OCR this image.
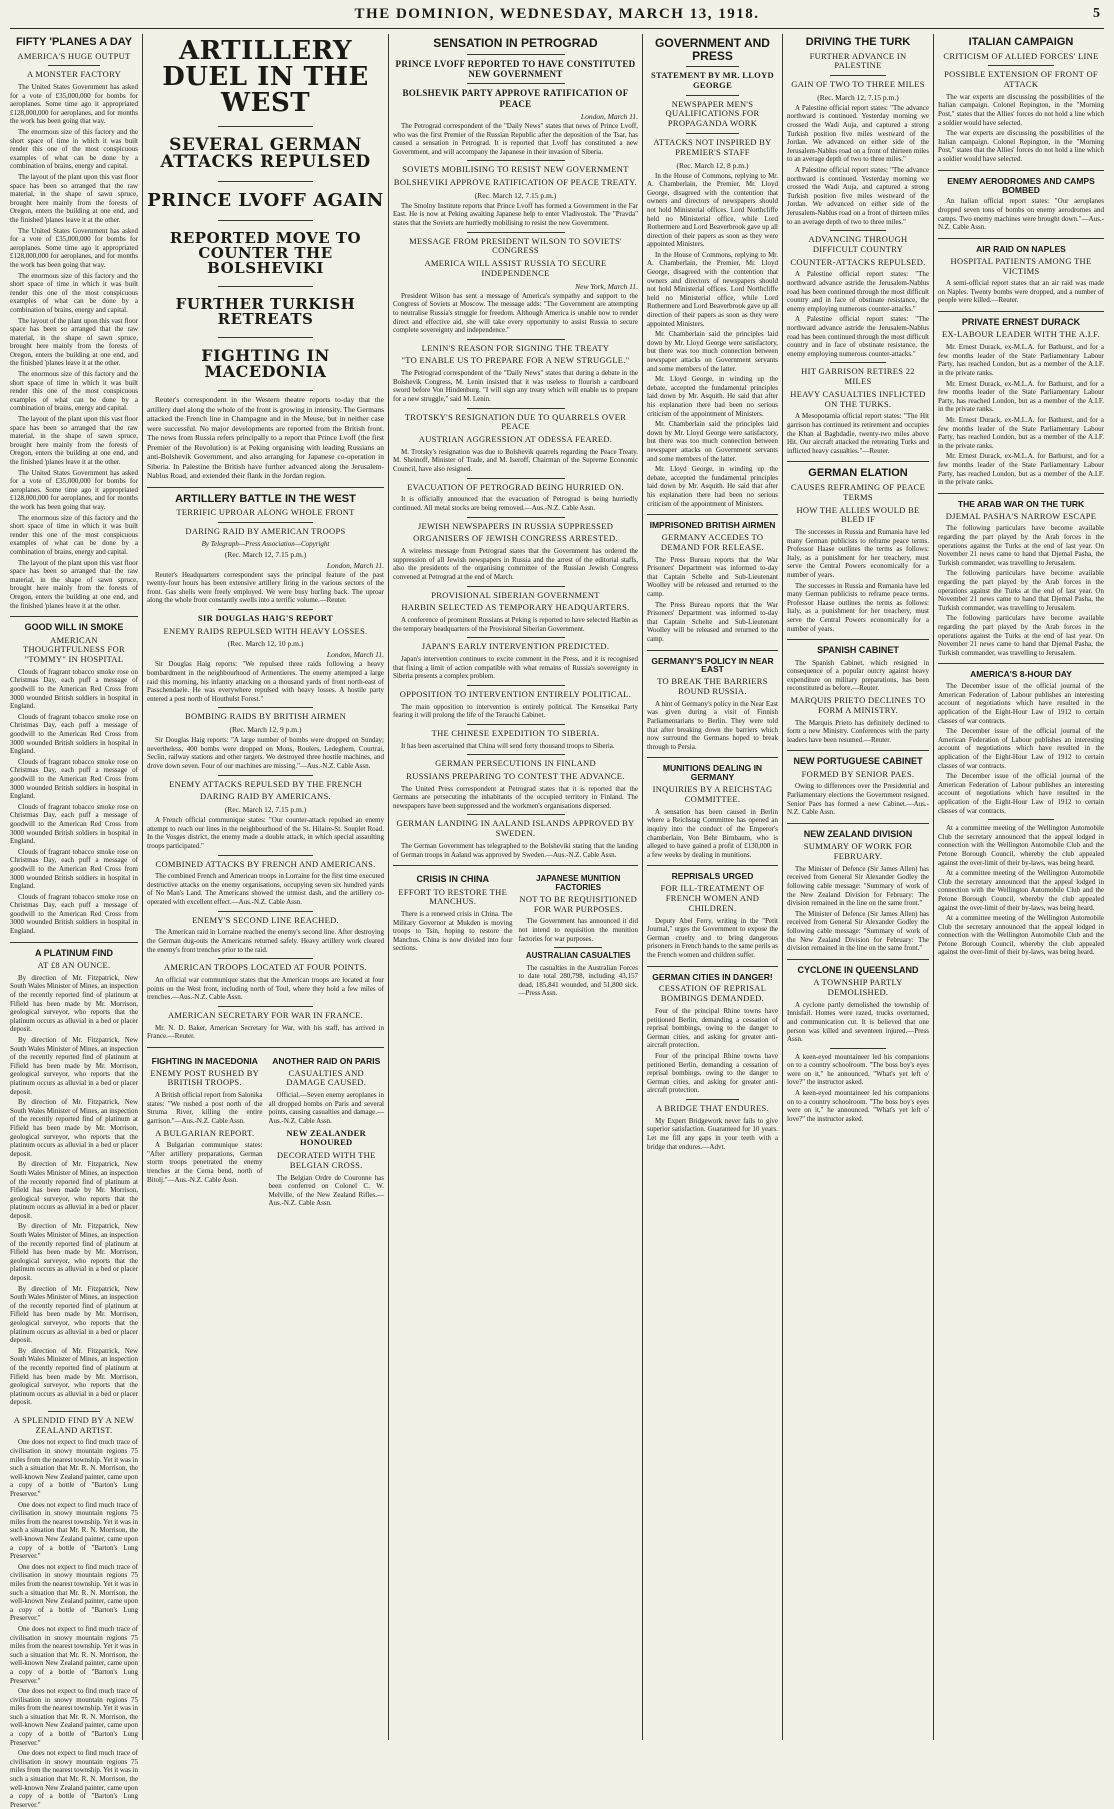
THE DOMINION, WEDNESDAY, MARCH 13, 1918.	5
FIFTY 'PLANES A DAY
AMERICA'S HUGE OUTPUT
A MONSTER FACTORY

The United States Government has asked for a vote of £35,000,000 for bombs for aeroplanes. Some time ago it appropriated £128,000,000 for aeroplanes, and for months the work has been going that way.

The enormous size of this factory and the short space of time in which it was built render this one of the most conspicuous examples of what can be done by a combination of brains, energy and capital.

The layout of the plant upon this vast floor space has been so arranged that the raw material, in the shape of sawn spruce, brought here mainly from the forests of Oregon, enters the building at one end, and the finished 'planes leave it at the other.

The United States Government has asked for a vote of £35,000,000 for bombs for aeroplanes. Some time ago it appropriated £128,000,000 for aeroplanes, and for months the work has been going that way.

The enormous size of this factory and the short space of time in which it was built render this one of the most conspicuous examples of what can be done by a combination of brains, energy and capital.

The layout of the plant upon this vast floor space has been so arranged that the raw material, in the shape of sawn spruce, brought here mainly from the forests of Oregon, enters the building at one end, and the finished 'planes leave it at the other.

The enormous size of this factory and the short space of time in which it was built render this one of the most conspicuous examples of what can be done by a combination of brains, energy and capital.

The layout of the plant upon this vast floor space has been so arranged that the raw material, in the shape of sawn spruce, brought here mainly from the forests of Oregon, enters the building at one end, and the finished 'planes leave it at the other.

The United States Government has asked for a vote of £35,000,000 for bombs for aeroplanes. Some time ago it appropriated £128,000,000 for aeroplanes, and for months the work has been going that way.

The enormous size of this factory and the short space of time in which it was built render this one of the most conspicuous examples of what can be done by a combination of brains, energy and capital.

The layout of the plant upon this vast floor space has been so arranged that the raw material, in the shape of sawn spruce, brought here mainly from the forests of Oregon, enters the building at one end, and the finished 'planes leave it at the other.

GOOD WILL IN SMOKE
AMERICAN THOUGHTFULNESS FOR "TOMMY" IN HOSPITAL

Clouds of fragrant tobacco smoke rose on Christmas Day, each puff a message of goodwill to the American Red Cross from 3000 wounded British soldiers in hospital in England.

Clouds of fragrant tobacco smoke rose on Christmas Day, each puff a message of goodwill to the American Red Cross from 3000 wounded British soldiers in hospital in England.

Clouds of fragrant tobacco smoke rose on Christmas Day, each puff a message of goodwill to the American Red Cross from 3000 wounded British soldiers in hospital in England.

Clouds of fragrant tobacco smoke rose on Christmas Day, each puff a message of goodwill to the American Red Cross from 3000 wounded British soldiers in hospital in England.

Clouds of fragrant tobacco smoke rose on Christmas Day, each puff a message of goodwill to the American Red Cross from 3000 wounded British soldiers in hospital in England.

Clouds of fragrant tobacco smoke rose on Christmas Day, each puff a message of goodwill to the American Red Cross from 3000 wounded British soldiers in hospital in England.

A PLATINUM FIND
AT £8 AN OUNCE.

By direction of Mr. Fitzpatrick, New South Wales Minister of Mines, an inspection of the recently reported find of platinum at Fifield has been made by Mr. Morrison, geological surveyor, who reports that the platinum occurs as alluvial in a bed or placer deposit.

By direction of Mr. Fitzpatrick, New South Wales Minister of Mines, an inspection of the recently reported find of platinum at Fifield has been made by Mr. Morrison, geological surveyor, who reports that the platinum occurs as alluvial in a bed or placer deposit.

By direction of Mr. Fitzpatrick, New South Wales Minister of Mines, an inspection of the recently reported find of platinum at Fifield has been made by Mr. Morrison, geological surveyor, who reports that the platinum occurs as alluvial in a bed or placer deposit.

By direction of Mr. Fitzpatrick, New South Wales Minister of Mines, an inspection of the recently reported find of platinum at Fifield has been made by Mr. Morrison, geological surveyor, who reports that the platinum occurs as alluvial in a bed or placer deposit.

By direction of Mr. Fitzpatrick, New South Wales Minister of Mines, an inspection of the recently reported find of platinum at Fifield has been made by Mr. Morrison, geological surveyor, who reports that the platinum occurs as alluvial in a bed or placer deposit.

By direction of Mr. Fitzpatrick, New South Wales Minister of Mines, an inspection of the recently reported find of platinum at Fifield has been made by Mr. Morrison, geological surveyor, who reports that the platinum occurs as alluvial in a bed or placer deposit.

By direction of Mr. Fitzpatrick, New South Wales Minister of Mines, an inspection of the recently reported find of platinum at Fifield has been made by Mr. Morrison, geological surveyor, who reports that the platinum occurs as alluvial in a bed or placer deposit.

A SPLENDID FIND BY A NEW ZEALAND ARTIST.

One does not expect to find much trace of civilisation in snowy mountain regions 75 miles from the nearest township. Yet it was in such a situation that Mr. R. N. Morrison, the well-known New Zealand painter, came upon a copy of a bottle of "Barton's Lung Preserver."

One does not expect to find much trace of civilisation in snowy mountain regions 75 miles from the nearest township. Yet it was in such a situation that Mr. R. N. Morrison, the well-known New Zealand painter, came upon a copy of a bottle of "Barton's Lung Preserver."

One does not expect to find much trace of civilisation in snowy mountain regions 75 miles from the nearest township. Yet it was in such a situation that Mr. R. N. Morrison, the well-known New Zealand painter, came upon a copy of a bottle of "Barton's Lung Preserver."

One does not expect to find much trace of civilisation in snowy mountain regions 75 miles from the nearest township. Yet it was in such a situation that Mr. R. N. Morrison, the well-known New Zealand painter, came upon a copy of a bottle of "Barton's Lung Preserver."

One does not expect to find much trace of civilisation in snowy mountain regions 75 miles from the nearest township. Yet it was in such a situation that Mr. R. N. Morrison, the well-known New Zealand painter, came upon a copy of a bottle of "Barton's Lung Preserver."

One does not expect to find much trace of civilisation in snowy mountain regions 75 miles from the nearest township. Yet it was in such a situation that Mr. R. N. Morrison, the well-known New Zealand painter, came upon a copy of a bottle of "Barton's Lung Preserver."

ARTILLERY DUEL IN THE WEST
SEVERAL GERMAN ATTACKS REPULSED
PRINCE LVOFF AGAIN
REPORTED MOVE TO COUNTER THE BOLSHEVIKI
FURTHER TURKISH RETREATS
FIGHTING IN MACEDONIA

Reuter's correspondent in the Western theatre reports to-day that the artillery duel along the whole of the front is growing in intensity. The Germans attacked the French line in Champagne and in the Meuse, but in neither case were successful. No major developments are reported from the British front. The news from Russia refers principally to a report that Prince Lvoff (the first Premier of the Revolution) is at Peking organising with leading Russians an anti-Bolshevik Government, and also arranging for Japanese co-operation in Siberia. In Palestine the British have further advanced along the Jerusalem-Nablus Road, and extended their flank in the Jordan region.

ARTILLERY BATTLE IN THE WEST
TERRIFIC UPROAR ALONG WHOLE FRONT
DARING RAID BY AMERICAN TROOPS
By Telegraph—Press Association—Copyright
(Rec. March 12, 7.15 p.m.)
London, March 11.

Reuter's Headquarters correspondent says the principal feature of the past twenty-four hours has been extensive artillery firing in the various sectors of the front. Gas shells were freely employed. We were busy hurling back. The uproar along the whole front constantly swells into a terrific volume.—Reuter.

SIR DOUGLAS HAIG'S REPORT
ENEMY RAIDS REPULSED WITH HEAVY LOSSES.
(Rec. March 12, 10 p.m.)
London, March 11.

Sir Douglas Haig reports: "We repulsed three raids following a heavy bombardment in the neighbourhood of Armentieres. The enemy attempted a large raid this morning, his infantry attacking on a thousand yards of front north-east of Passchendaele. He was everywhere repulsed with heavy losses. A hostile party entered a post north of Houthulst Forest."

BOMBING RAIDS BY BRITISH AIRMEN
(Rec. March 12, 9 p.m.)

Sir Douglas Haig reports: "A large number of bombs were dropped on Sunday; nevertheless, 400 bombs were dropped on Mons, Roulers, Ledeghem, Courtrai, Seclin, railway stations and other targets. We destroyed three hostile machines, and drove down seven. Four of our machines are missing."—Aus.-N.Z. Cable Assn.

ENEMY ATTACKS REPULSED BY THE FRENCH
DARING RAID BY AMERICANS.
(Rec. March 12, 7.15 p.m.)

A French official communique states: "Our counter-attack repulsed an enemy attempt to reach our lines in the neighbourhood of the St. Hilaire-St. Souplet Road. In the Vosges district, the enemy made a double attack, in which special assaulting troops participated."

COMBINED ATTACKS BY FRENCH AND AMERICANS.

The combined French and American troops in Lorraine for the first time executed destructive attacks on the enemy organisations, occupying seven six hundred yards of No Man's Land. The Americans showed the utmost dash, and the artillery co-operated with excellent effect.—Aus.-N.Z. Cable Assn.

ENEMY'S SECOND LINE REACHED.

The American raid in Lorraine reached the enemy's second line. After destroying the German dug-outs the Americans returned safely. Heavy artillery work cleared the enemy's front trenches prior to the raid.

AMERICAN TROOPS LOCATED AT FOUR POINTS.

An official war communique states that the American troops are located at four points on the West front, including north of Toul, where they hold a few miles of trenches.—Aus.-N.Z. Cable Assn.

AMERICAN SECRETARY FOR WAR IN FRANCE.

Mr. N. D. Baker, American Secretary for War, with his staff, has arrived in France.—Reuter.

FIGHTING IN MACEDONIA
ENEMY POST RUSHED BY BRITISH TROOPS.

A British official report from Salonika states: "We rushed a post north of the Struma River, killing the entire garrison."—Aus.-N.Z. Cable Assn.

A BULGARIAN REPORT.

A Bulgarian communique states: "After artillery preparations, German storm troops penetrated the enemy trenches at the Cerna bend, north of Bitolj."—Aus.-N.Z. Cable Assn.

ANOTHER RAID ON PARIS
CASUALTIES AND DAMAGE CAUSED.

Official.—Seven enemy aeroplanes in all dropped bombs on Paris and several points, causing casualties and damage.—Aus.-N.Z. Cable Assn.

NEW ZEALANDER HONOURED
DECORATED WITH THE BELGIAN CROSS.

The Belgian Ordre de Couronne has been conferred on Colonel C. W. Melville, of the New Zealand Rifles.—Aus.-N.Z. Cable Assn.

SENSATION IN PETROGRAD
PRINCE LVOFF REPORTED TO HAVE CONSTITUTED NEW GOVERNMENT
BOLSHEVIK PARTY APPROVE RATIFICATION OF PEACE
London, March 11.

The Petrograd correspondent of the "Daily News" states that news of Prince Lvoff, who was the first Premier of the Russian Republic after the deposition of the Tsar, has caused a sensation in Petrograd. It is reported that Lvoff has constituted a new Government, and will accompany the Japanese in their invasion of Siberia.

SOVIETS MOBILISING TO RESIST NEW GOVERNMENT
BOLSHEVIKI APPROVE RATIFICATION OF PEACE TREATY.
(Rec. March 12, 7.15 p.m.)

The Smolny Institute reports that Prince Lvoff has formed a Government in the Far East. He is now at Peking awaiting Japanese help to enter Vladivostok. The "Pravda" states that the Soviets are hurriedly mobilising to resist the new Government.

MESSAGE FROM PRESIDENT WILSON TO SOVIETS' CONGRESS
AMERICA WILL ASSIST RUSSIA TO SECURE INDEPENDENCE
New York, March 11.

President Wilson has sent a message of America's sympathy and support to the Congress of Soviets at Moscow. The message adds: "The Government are attempting to neutralise Russia's struggle for freedom. Although America is unable now to render direct and effective aid, she will take every opportunity to assist Russia to secure complete sovereignty and independence."

LENIN'S REASON FOR SIGNING THE TREATY
"TO ENABLE US TO PREPARE FOR A NEW STRUGGLE."

The Petrograd correspondent of the "Daily News" states that during a debate in the Bolshevik Congress, M. Lenin insisted that it was useless to flourish a cardboard sword before Von Hindenburg. "I will sign any treaty which will enable us to prepare for a new struggle," said M. Lenin.

TROTSKY'S RESIGNATION DUE TO QUARRELS OVER PEACE
AUSTRIAN AGGRESSION AT ODESSA FEARED.

M. Trotsky's resignation was due to Bolshevik quarrels regarding the Peace Treaty. M. Sheinoff, Minister of Trade, and M. Iseroff, Chairman of the Supreme Economic Council, have also resigned.

EVACUATION OF PETROGRAD BEING HURRIED ON.

It is officially announced that the evacuation of Petrograd is being hurriedly continued. All metal stocks are being removed.—Aus.-N.Z. Cable Assn.

JEWISH NEWSPAPERS IN RUSSIA SUPPRESSED
ORGANISERS OF JEWISH CONGRESS ARRESTED.

A wireless message from Petrograd states that the Government has ordered the suppression of all Jewish newspapers in Russia and the arrest of the editorial staffs, also the presidents of the organising committee of the Russian Jewish Congress convened at Petrograd at the end of March.

PROVISIONAL SIBERIAN GOVERNMENT
HARBIN SELECTED AS TEMPORARY HEADQUARTERS.

A conference of prominent Russians at Peking is reported to have selected Harbin as the temporary headquarters of the Provisional Siberian Government.

JAPAN'S EARLY INTERVENTION PREDICTED.

Japan's intervention continues to excite comment in the Press, and it is recognised that fixing a limit of action compatible with what remains of Russia's sovereignty in Siberia presents a complex problem.

OPPOSITION TO INTERVENTION ENTIRELY POLITICAL.

The main opposition to intervention is entirely political. The Kenseikai Party fearing it will prolong the life of the Terauchi Cabinet.

THE CHINESE EXPEDITION TO SIBERIA.

It has been ascertained that China will send forty thousand troops to Siberia.

GERMAN PERSECUTIONS IN FINLAND
RUSSIANS PREPARING TO CONTEST THE ADVANCE.

The United Press correspondent at Petrograd states that it is reported that the Germans are persecuting the inhabitants of the occupied territory in Finland. The newspapers have been suppressed and the workmen's organisations dispersed.

GERMAN LANDING IN AALAND ISLANDS APPROVED BY SWEDEN.

The German Government has telegraphed to the Bolsheviki stating that the landing of German troops in Aaland was approved by Sweden.—Aus.-N.Z. Cable Assn.

CRISIS IN CHINA
EFFORT TO RESTORE THE MANCHUS.

There is a renewed crisis in China. The Military Governor at Mukden is moving troops to Tsin, hoping to restore the Manchus. China is now divided into four sections.

JAPANESE MUNITION FACTORIES
NOT TO BE REQUISITIONED FOR WAR PURPOSES.

The Government has announced it did not intend to requisition the munition factories for war purposes.

AUSTRALIAN CASUALTIES

The casualties in the Australian Forces to date total 280,798, including 43,157 dead, 185,841 wounded, and 51,800 sick.—Press Assn.

GOVERNMENT AND PRESS
STATEMENT BY MR. LLOYD GEORGE
NEWSPAPER MEN'S QUALIFICATIONS FOR PROPAGANDA WORK
ATTACKS NOT INSPIRED BY PREMIER'S STAFF
(Rec. March 12, 8 p.m.)

In the House of Commons, replying to Mr. A. Chamberlain, the Premier, Mr. Lloyd George, disagreed with the contention that owners and directors of newspapers should not hold Ministerial offices. Lord Northcliffe held no Ministerial office, while Lord Rothermere and Lord Beaverbrook gave up all direction of their papers as soon as they were appointed Ministers.

In the House of Commons, replying to Mr. A. Chamberlain, the Premier, Mr. Lloyd George, disagreed with the contention that owners and directors of newspapers should not hold Ministerial offices. Lord Northcliffe held no Ministerial office, while Lord Rothermere and Lord Beaverbrook gave up all direction of their papers as soon as they were appointed Ministers.

Mr. Chamberlain said the principles laid down by Mr. Lloyd George were satisfactory, but there was too much connection between newspaper attacks on Government servants and some members of the latter.

Mr. Lloyd George, in winding up the debate, accepted the fundamental principles laid down by Mr. Asquith. He said that after his explanation there had been no serious criticism of the appointment of Ministers.

Mr. Chamberlain said the principles laid down by Mr. Lloyd George were satisfactory, but there was too much connection between newspaper attacks on Government servants and some members of the latter.

Mr. Lloyd George, in winding up the debate, accepted the fundamental principles laid down by Mr. Asquith. He said that after his explanation there had been no serious criticism of the appointment of Ministers.

IMPRISONED BRITISH AIRMEN
GERMANY ACCEDES TO DEMAND FOR RELEASE.

The Press Bureau reports that the War Prisoners' Department was informed to-day that Captain Schelte and Sub-Lieutenant Woolley will be released and returned to the camp.

The Press Bureau reports that the War Prisoners' Department was informed to-day that Captain Schelte and Sub-Lieutenant Woolley will be released and returned to the camp.

GERMANY'S POLICY IN NEAR EAST
TO BREAK THE BARRIERS ROUND RUSSIA.

A hint of Germany's policy in the Near East was given during a visit of Finnish Parliamentarians to Berlin. They were told that after breaking down the barriers which now surround the Germans hoped to break through to Persia.

MUNITIONS DEALING IN GERMANY
INQUIRIES BY A REICHSTAG COMMITTEE.

A sensation has been caused in Berlin where a Reichstag Committee has opened an inquiry into the conduct of the Emperor's chamberlain, Von Behr Birnbaum, who is alleged to have gained a profit of £130,000 in a few weeks by dealing in munitions.

REPRISALS URGED
FOR ILL-TREATMENT OF FRENCH WOMEN AND CHILDREN.

Deputy Abel Ferry, writing in the "Petit Journal," urges the Government to expose the German cruelty and to bring dangerous prisoners in French hands to the same perils as the French women and children suffer.

GERMAN CITIES IN DANGER!
CESSATION OF REPRISAL BOMBINGS DEMANDED.

Four of the principal Rhine towns have petitioned Berlin, demanding a cessation of reprisal bombings, owing to the danger to German cities, and asking for greater anti-aircraft protection.

Four of the principal Rhine towns have petitioned Berlin, demanding a cessation of reprisal bombings, owing to the danger to German cities, and asking for greater anti-aircraft protection.

A BRIDGE THAT ENDURES.

My Expert Bridgework never fails to give superior satisfaction. Guaranteed for 10 years. Let me fill any gaps in your teeth with a bridge that endures.—Advt.

DRIVING THE TURK
FURTHER ADVANCE IN PALESTINE
GAIN OF TWO TO THREE MILES
(Rec. March 12, 7.15 p.m.)

A Palestine official report states: "The advance northward is continued. Yesterday morning we crossed the Wadi Auja, and captured a strong Turkish position five miles westward of the Jordan. We advanced on either side of the Jerusalem-Nablus road on a front of thirteen miles to an average depth of two to three miles."

A Palestine official report states: "The advance northward is continued. Yesterday morning we crossed the Wadi Auja, and captured a strong Turkish position five miles westward of the Jordan. We advanced on either side of the Jerusalem-Nablus road on a front of thirteen miles to an average depth of two to three miles."

ADVANCING THROUGH DIFFICULT COUNTRY
COUNTER-ATTACKS REPULSED.

A Palestine official report states: "The northward advance astride the Jerusalem-Nablus road has been continued through the most difficult country and in face of obstinate resistance, the enemy employing numerous counter-attacks."

A Palestine official report states: "The northward advance astride the Jerusalem-Nablus road has been continued through the most difficult country and in face of obstinate resistance, the enemy employing numerous counter-attacks."

HIT GARRISON RETIRES 22 MILES
HEAVY CASUALTIES INFLICTED ON THE TURKS.

A Mesopotamia official report states: "The Hit garrison has continued its retirement and occupies the Khan al Baghdadie, twenty-two miles above Hit. Our aircraft attacked the retreating Turks and inflicted heavy casualties."—Reuter.

GERMAN ELATION
CAUSES REFRAMING OF PEACE TERMS
HOW THE ALLIES WOULD BE BLED IF

The successes in Russia and Rumania have led many German publicists to reframe peace terms. Professor Haase outlines the terms as follows: Italy, as a punishment for her treachery, must serve the Central Powers economically for a number of years.

The successes in Russia and Rumania have led many German publicists to reframe peace terms. Professor Haase outlines the terms as follows: Italy, as a punishment for her treachery, must serve the Central Powers economically for a number of years.

SPANISH CABINET

The Spanish Cabinet, which resigned in consequence of a popular outcry against heavy expenditure on military preparations, has been reconstituted as before.—Reuter.

MARQUIS PRIETO DECLINES TO FORM A MINISTRY.

The Marquis Prieto has definitely declined to form a new Ministry. Conferences with the party leaders have been resumed.—Reuter.

NEW PORTUGUESE CABINET
FORMED BY SENIOR PAES.

Owing to differences over the Presidential and Parliamentary elections the Government resigned. Senior Paes has formed a new Cabinet.—Aus.-N.Z. Cable Assn.

NEW ZEALAND DIVISION
SUMMARY OF WORK FOR FEBRUARY.

The Minister of Defence (Sir James Allen) has received from General Sir Alexander Godley the following cable message: "Summary of work of the New Zealand Division for February: The division remained in the line on the same front."

The Minister of Defence (Sir James Allen) has received from General Sir Alexander Godley the following cable message: "Summary of work of the New Zealand Division for February: The division remained in the line on the same front."

CYCLONE IN QUEENSLAND
A TOWNSHIP PARTLY DEMOLISHED.

A cyclone partly demolished the township of Innisfail. Homes were razed, trucks overturned, and communication cut. It is believed that one person was killed and seventeen injured.—Press Assn.

A keen-eyed mountaineer led his companions on to a country schoolroom. "The boss boy's eyes were on it," he announced. "What's yet left o' love?" the instructor asked.

A keen-eyed mountaineer led his companions on to a country schoolroom. "The boss boy's eyes were on it," he announced. "What's yet left o' love?" the instructor asked.

ITALIAN CAMPAIGN
CRITICISM OF ALLIED FORCES' LINE
POSSIBLE EXTENSION OF FRONT OF ATTACK

The war experts are discussing the possibilities of the Italian campaign. Colonel Repington, in the "Morning Post," states that the Allies' forces do not hold a line which a soldier would have selected.

The war experts are discussing the possibilities of the Italian campaign. Colonel Repington, in the "Morning Post," states that the Allies' forces do not hold a line which a soldier would have selected.

ENEMY AERODROMES AND CAMPS BOMBED

An Italian official report states: "Our aeroplanes dropped seven tons of bombs on enemy aerodromes and camps. Two enemy machines were brought down."—Aus.-N.Z. Cable Assn.

AIR RAID ON NAPLES
HOSPITAL PATIENTS AMONG THE VICTIMS

A semi-official report states that an air raid was made on Naples. Twenty bombs were dropped, and a number of people were killed.—Reuter.

PRIVATE ERNEST DURACK
EX-LABOUR LEADER WITH THE A.I.F.

Mr. Ernest Durack, ex-M.L.A. for Bathurst, and for a few months leader of the State Parliamentary Labour Party, has reached London, but as a member of the A.I.F. in the private ranks.

Mr. Ernest Durack, ex-M.L.A. for Bathurst, and for a few months leader of the State Parliamentary Labour Party, has reached London, but as a member of the A.I.F. in the private ranks.

Mr. Ernest Durack, ex-M.L.A. for Bathurst, and for a few months leader of the State Parliamentary Labour Party, has reached London, but as a member of the A.I.F. in the private ranks.

Mr. Ernest Durack, ex-M.L.A. for Bathurst, and for a few months leader of the State Parliamentary Labour Party, has reached London, but as a member of the A.I.F. in the private ranks.

THE ARAB WAR ON THE TURK
DJEMAL PASHA'S NARROW ESCAPE

The following particulars have become available regarding the part played by the Arab forces in the operations against the Turks at the end of last year. On November 21 news came to hand that Djemal Pasha, the Turkish commander, was travelling to Jerusalem.

The following particulars have become available regarding the part played by the Arab forces in the operations against the Turks at the end of last year. On November 21 news came to hand that Djemal Pasha, the Turkish commander, was travelling to Jerusalem.

The following particulars have become available regarding the part played by the Arab forces in the operations against the Turks at the end of last year. On November 21 news came to hand that Djemal Pasha, the Turkish commander, was travelling to Jerusalem.

AMERICA'S 8-HOUR DAY

The December issue of the official journal of the American Federation of Labour publishes an interesting account of negotiations which have resulted in the application of the Eight-Hour Law of 1912 to certain classes of war contracts.

The December issue of the official journal of the American Federation of Labour publishes an interesting account of negotiations which have resulted in the application of the Eight-Hour Law of 1912 to certain classes of war contracts.

The December issue of the official journal of the American Federation of Labour publishes an interesting account of negotiations which have resulted in the application of the Eight-Hour Law of 1912 to certain classes of war contracts.

At a committee meeting of the Wellington Automobile Club the secretary announced that the appeal lodged in connection with the Wellington Automobile Club and the Petone Borough Council, whereby the club appealed against the over-limit of their by-laws, was being heard.

At a committee meeting of the Wellington Automobile Club the secretary announced that the appeal lodged in connection with the Wellington Automobile Club and the Petone Borough Council, whereby the club appealed against the over-limit of their by-laws, was being heard.

At a committee meeting of the Wellington Automobile Club the secretary announced that the appeal lodged in connection with the Wellington Automobile Club and the Petone Borough Council, whereby the club appealed against the over-limit of their by-laws, was being heard.
